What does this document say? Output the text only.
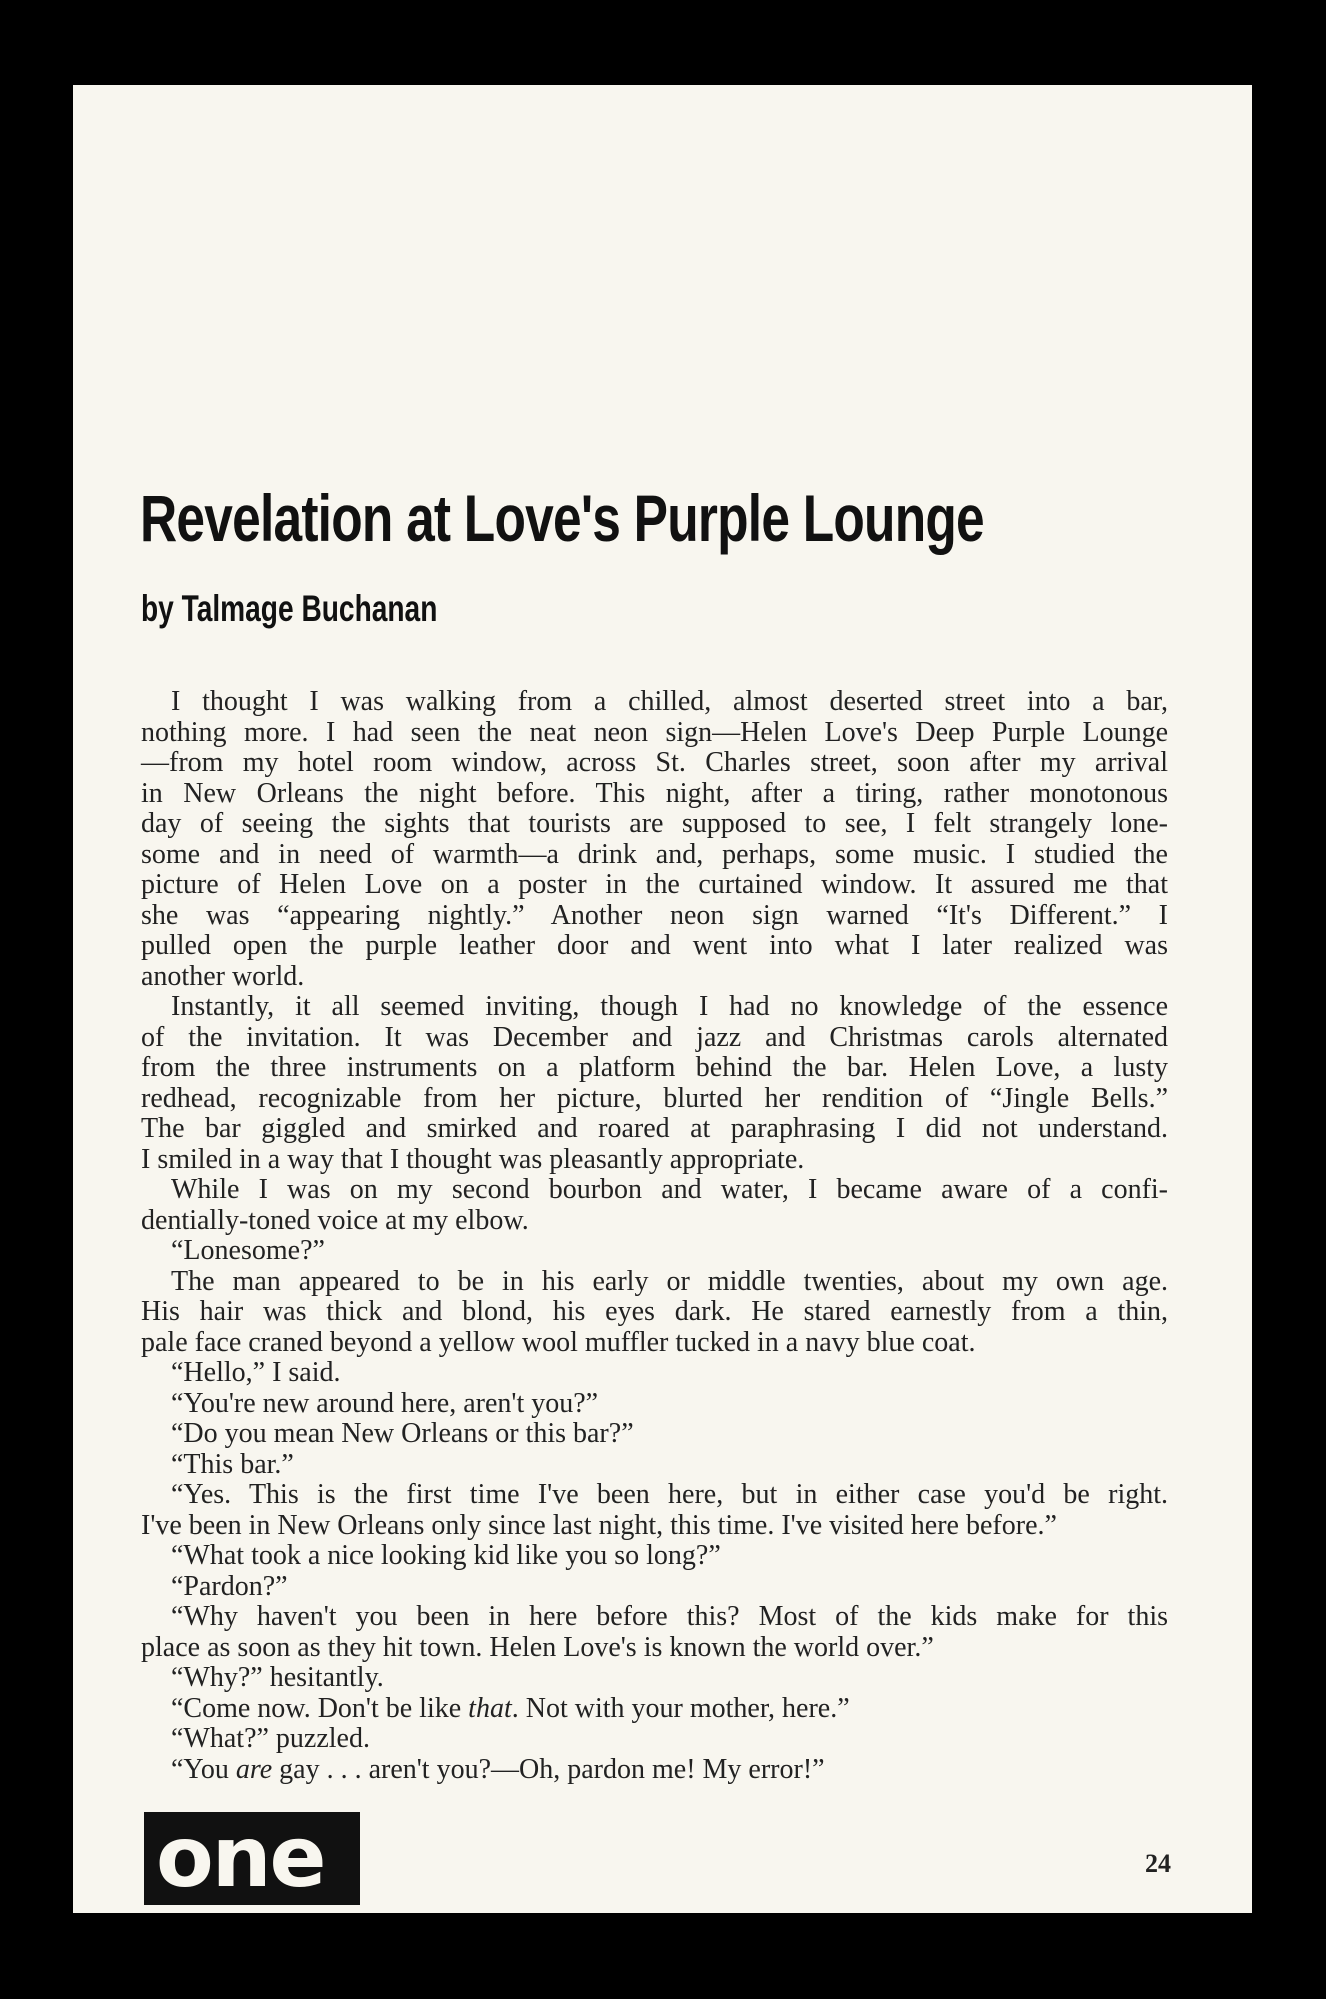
Revelation at Love's Purple Lounge
by Talmage Buchanan
I thought I was walking from a chilled, almost deserted street into a bar,
nothing more. I had seen the neat neon sign—Helen Love's Deep Purple Lounge
—from my hotel room window, across St. Charles street, soon after my arrival
in New Orleans the night before. This night, after a tiring, rather monotonous
day of seeing the sights that tourists are supposed to see, I felt strangely lone-
some and in need of warmth—a drink and, perhaps, some music. I studied the
picture of Helen Love on a poster in the curtained window. It assured me that
she was “appearing nightly.” Another neon sign warned “It's Different.” I
pulled open the purple leather door and went into what I later realized was
another world.
Instantly, it all seemed inviting, though I had no knowledge of the essence
of the invitation. It was December and jazz and Christmas carols alternated
from the three instruments on a platform behind the bar. Helen Love, a lusty
redhead, recognizable from her picture, blurted her rendition of “Jingle Bells.”
The bar giggled and smirked and roared at paraphrasing I did not understand.
I smiled in a way that I thought was pleasantly appropriate.
While I was on my second bourbon and water, I became aware of a confi-
dentially-toned voice at my elbow.
“Lonesome?”
The man appeared to be in his early or middle twenties, about my own age.
His hair was thick and blond, his eyes dark. He stared earnestly from a thin,
pale face craned beyond a yellow wool muffler tucked in a navy blue coat.
“Hello,” I said.
“You're new around here, aren't you?”
“Do you mean New Orleans or this bar?”
“This bar.”
“Yes. This is the first time I've been here, but in either case you'd be right.
I've been in New Orleans only since last night, this time. I've visited here before.”
“What took a nice looking kid like you so long?”
“Pardon?”
“Why haven't you been in here before this? Most of the kids make for this
place as soon as they hit town. Helen Love's is known the world over.”
“Why?” hesitantly.
“Come now. Don't be like that. Not with your mother, here.”
“What?” puzzled.
“You are gay . . . aren't you?—Oh, pardon me! My error!”
one	24
